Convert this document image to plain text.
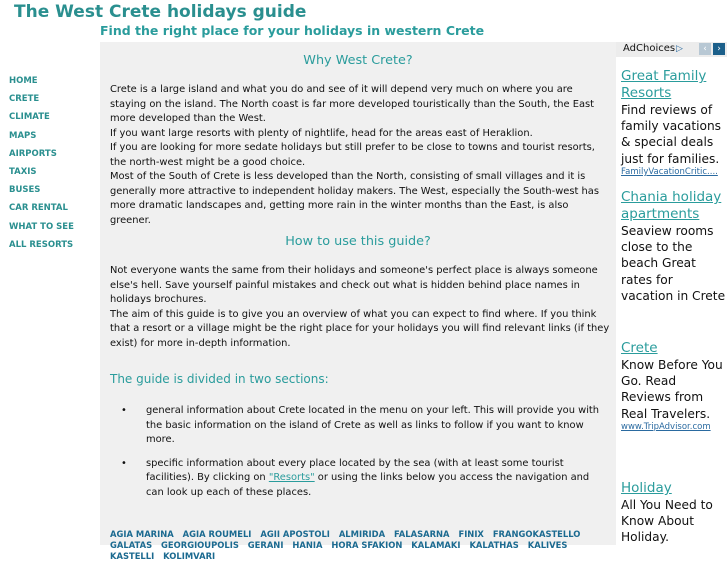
The West Crete holidays guide
Find the right place for your holidays in western Crete
HOME
CRETE
CLIMATE
MAPS
AIRPORTS
TAXIS
BUSES
CAR RENTAL
WHAT TO SEE
ALL RESORTS
Why West Crete?

Crete is a large island and what you do and see of it will depend very much on where you are staying on the island. The North coast is far more developed touristically than the South, the East more developed than the West.
If you want large resorts with plenty of nightlife, head for the areas east of Heraklion.
If you are looking for more sedate holidays but still prefer to be close to towns and tourist resorts, the north-west might be a good choice.
Most of the South of Crete is less developed than the North, consisting of small villages and it is generally more attractive to independent holiday makers. The West, especially the South-west has more dramatic landscapes and, getting more rain in the winter months than the East, is also greener.

How to use this guide?

Not everyone wants the same from their holidays and someone's perfect place is always someone else's hell. Save yourself painful mistakes and check out what is hidden behind place names in holidays brochures.
The aim of this guide is to give you an overview of what you can expect to find where. If you think that a resort or a village might be the right place for your holidays you will find relevant links (if they exist) for more in-depth information.

The guide is divided in two sections:
• general information about Crete located in the menu on your left. This will provide you with the basic information on the island of Crete as well as links to follow if you want to know more.
• specific information about every place located by the sea (with at least some tourist facilities). By clicking on "Resorts" or using the links below you access the navigation and can look up each of these places.
AGIA MARINA AGIA ROUMELI AGII APOSTOLI ALMIRIDA FALASARNA FINIX FRANGOKASTELLO GALATAS GEORGIOUPOLIS GERANI HANIA HORA SFAKION KALAMAKI KALATHAS KALIVES KASTELLI KOLIMVARI
AdChoices ▷	‹	›
Great Family Resorts
Find reviews of family vacations & special deals just for families.
FamilyVacationCritic....
Chania holiday apartments
Seaview rooms close to the beach Great rates for vacation in Crete
Crete
Know Before You Go. Read Reviews from Real Travelers.
www.TripAdvisor.com
Holiday
All You Need to Know About Holiday.
